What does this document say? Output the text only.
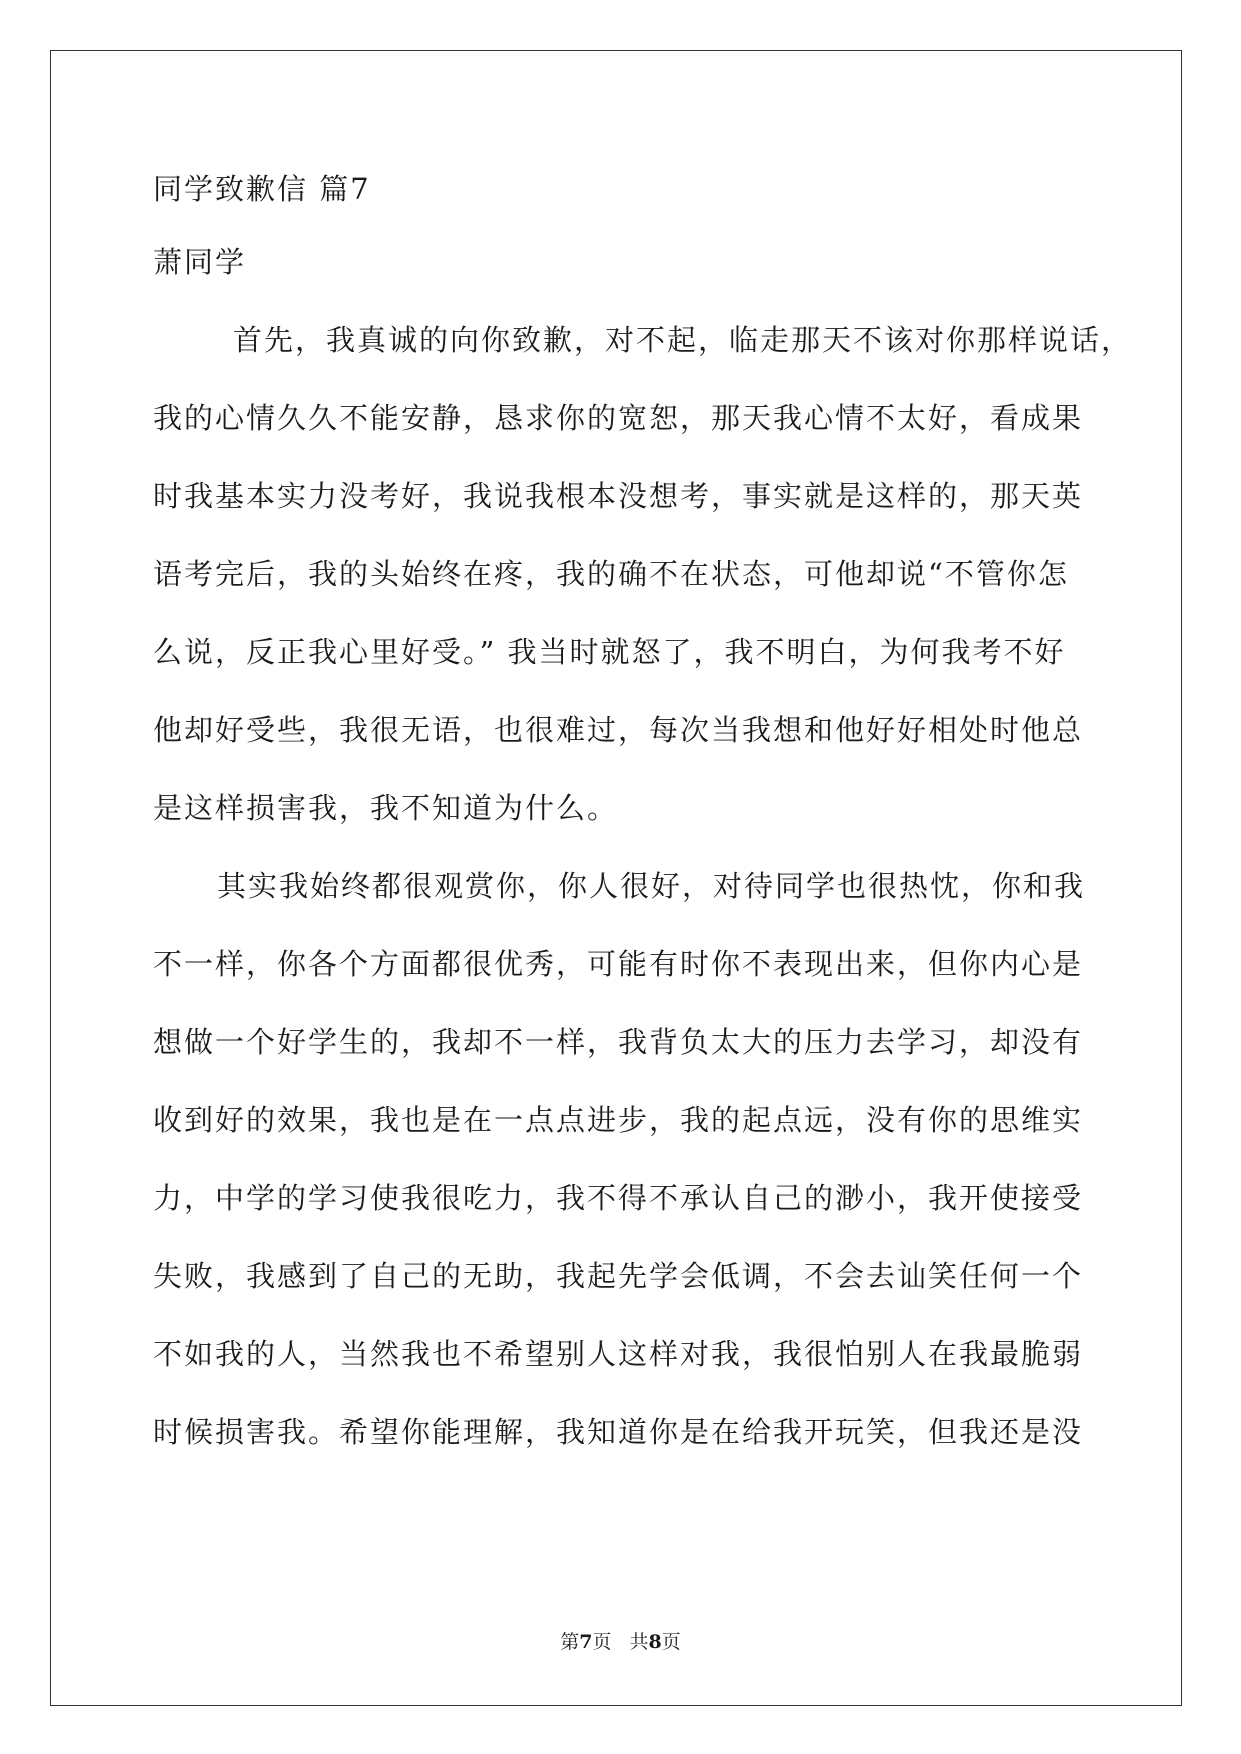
同学致歉信 篇7
萧同学
首先，我真诚的向你致歉，对不起，临走那天不该对你那样说话，
我的心情久久不能安静，恳求你的宽恕，那天我心情不太好，看成果
时我基本实力没考好，我说我根本没想考，事实就是这样的，那天英
语考完后，我的头始终在疼，我的确不在状态，可他却说“不管你怎
么说，反正我心里好受。” 我当时就怒了，我不明白，为何我考不好
他却好受些，我很无语，也很难过，每次当我想和他好好相处时他总
是这样损害我，我不知道为什么。
其实我始终都很观赏你，你人很好，对待同学也很热忱，你和我
不一样，你各个方面都很优秀，可能有时你不表现出来，但你内心是
想做一个好学生的，我却不一样，我背负太大的压力去学习，却没有
收到好的效果，我也是在一点点进步，我的起点远，没有你的思维实
力，中学的学习使我很吃力，我不得不承认自己的渺小，我开使接受
失败，我感到了自己的无助，我起先学会低调，不会去讪笑任何一个
不如我的人，当然我也不希望别人这样对我，我很怕别人在我最脆弱
时候损害我。希望你能理解，我知道你是在给我开玩笑，但我还是没
第7页 共8页
